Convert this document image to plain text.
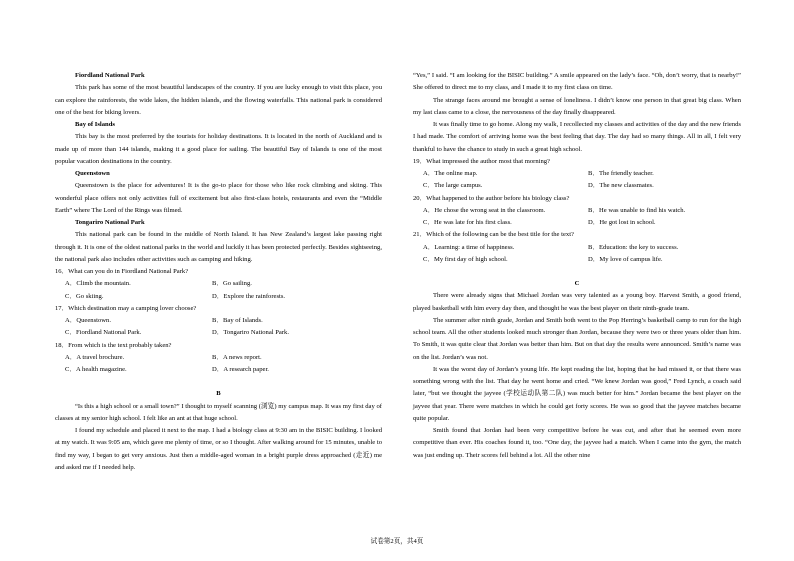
Fiordland National Park

This park has some of the most beautiful landscapes of the country. If you are lucky enough to visit this place, you can explore the rainforests, the wide lakes, the hidden islands, and the flowing waterfalls. This national park is considered one of the best for biking lovers.

Bay of Islands

This bay is the most preferred by the tourists for holiday destinations. It is located in the north of Auckland and is made up of more than 144 islands, making it a good place for sailing. The beautiful Bay of Islands is one of the most popular vacation destinations in the country.

Queenstown

Queenstown is the place for adventures! It is the go-to place for those who like rock climbing and skiing. This wonderful place offers not only activities full of excitement but also first-class hotels, restaurants and even the “Middle Earth” where The Lord of the Rings was filmed.

Tongariro National Park

This national park can be found in the middle of North Island. It has New Zealand’s largest lake passing right through it. It is one of the oldest national parks in the world and luckily it has been protected perfectly. Besides sightseeing, the national park also includes other activities such as camping and hiking.

16．What can you do in Fiordland National Park?

A．Climb the mountain.	B．Go sailing.
C．Go skiing.	D．Explore the rainforests.

17．Which destination may a camping lover choose?

A．Queenstown.	B．Bay of Islands.
C．Fiordland National Park.	D．Tongariro National Park.

18．From which is the text probably taken?

A．A travel brochure.	B．A news report.
C．A health magazine.	D．A research paper.

B

“Is this a high school or a small town?” I thought to myself scanning (浏览) my campus map. It was my first day of classes at my senior high school. I felt like an ant at that huge school.

I found my schedule and placed it next to the map. I had a biology class at 9:30 am in the BISIC building. I looked at my watch. It was 9:05 am, which gave me plenty of time, or so I thought. After walking around for 15 minutes, unable to find my way, I began to get very anxious. Just then a middle-aged woman in a bright purple dress approached (走近) me and asked me if I needed help.

“Yes,” I said. “I am looking for the BISIC building.” A smile appeared on the lady’s face. “Oh, don’t worry, that is nearby!” She offered to direct me to my class, and I made it to my first class on time.

The strange faces around me brought a sense of loneliness. I didn’t know one person in that great big class. When my last class came to a close, the nervousness of the day finally disappeared.

It was finally time to go home. Along my walk, I recollected my classes and activities of the day and the new friends I had made. The comfort of arriving home was the best feeling that day. The day had so many things. All in all, I felt very thankful to have the chance to study in such a great high school.

19．What impressed the author most that morning?

A．The online map.	B．The friendly teacher.
C．The large campus.	D．The new classmates.

20．What happened to the author before his biology class?

A．He chose the wrong seat in the classroom.	B．He was unable to find his watch.
C．He was late for his first class.	D．He got lost in school.

21．Which of the following can be the best title for the text?

A．Learning: a time of happiness.	B．Education: the key to success.
C．My first day of high school.	D．My love of campus life.

C

There were already signs that Michael Jordan was very talented as a young boy. Harvest Smith, a good friend, played basketball with him every day then, and thought he was the best player on their ninth-grade team.

The summer after ninth grade, Jordan and Smith both went to the Pop Herring’s basketball camp to run for the high school team. All the other students looked much stronger than Jordan, because they were two or three years older than him. To Smith, it was quite clear that Jordan was better than him. But on that day the results were announced. Smith’s name was on the list. Jordan’s was not.

It was the worst day of Jordan’s young life. He kept reading the list, hoping that he had missed it, or that there was something wrong with the list. That day he went home and cried. “We knew Jordan was good,” Fred Lynch, a coach said later, “but we thought the jayvee (学校运动队第二队) was much better for him.” Jordan became the best player on the jayvee that year. There were matches in which he could get forty scores. He was so good that the jayvee matches became quite popular.

Smith found that Jordan had been very competitive before he was cut, and after that he seemed even more competitive than ever. His coaches found it, too. “One day, the jayvee had a match. When I came into the gym, the match was just ending up. Their scores fell behind a lot. All the other nine

试卷第2页，共4页
